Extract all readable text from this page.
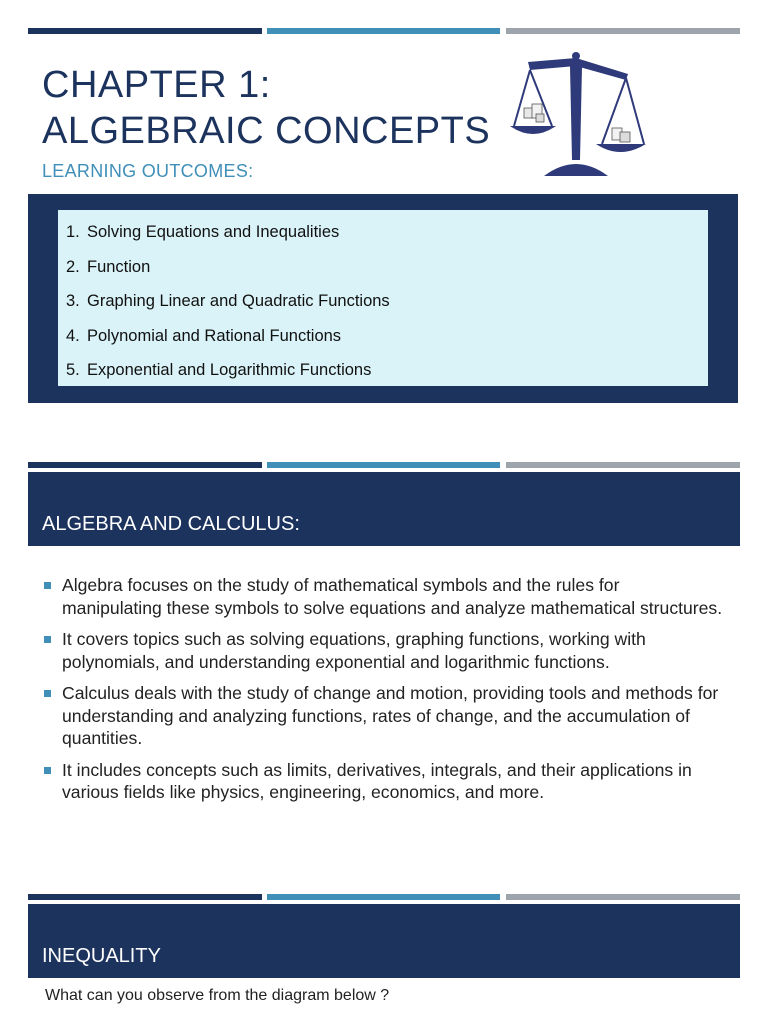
CHAPTER 1:
ALGEBRAIC CONCEPTS
LEARNING OUTCOMES:
1. Solving Equations and Inequalities
2. Function
3. Graphing Linear and Quadratic Functions
4. Polynomial and Rational Functions
5. Exponential and Logarithmic Functions
ALGEBRA AND CALCULUS:
Algebra focuses on the study of mathematical symbols and the rules for manipulating these symbols to solve equations and analyze mathematical structures.
It covers topics such as solving equations, graphing functions, working with polynomials, and understanding exponential and logarithmic functions.
Calculus deals with the study of change and motion, providing tools and methods for understanding and analyzing functions, rates of change, and the accumulation of quantities.
It includes concepts such as limits, derivatives, integrals, and their applications in various fields like physics, engineering, economics, and more.
INEQUALITY
What can you observe from the diagram below ?
